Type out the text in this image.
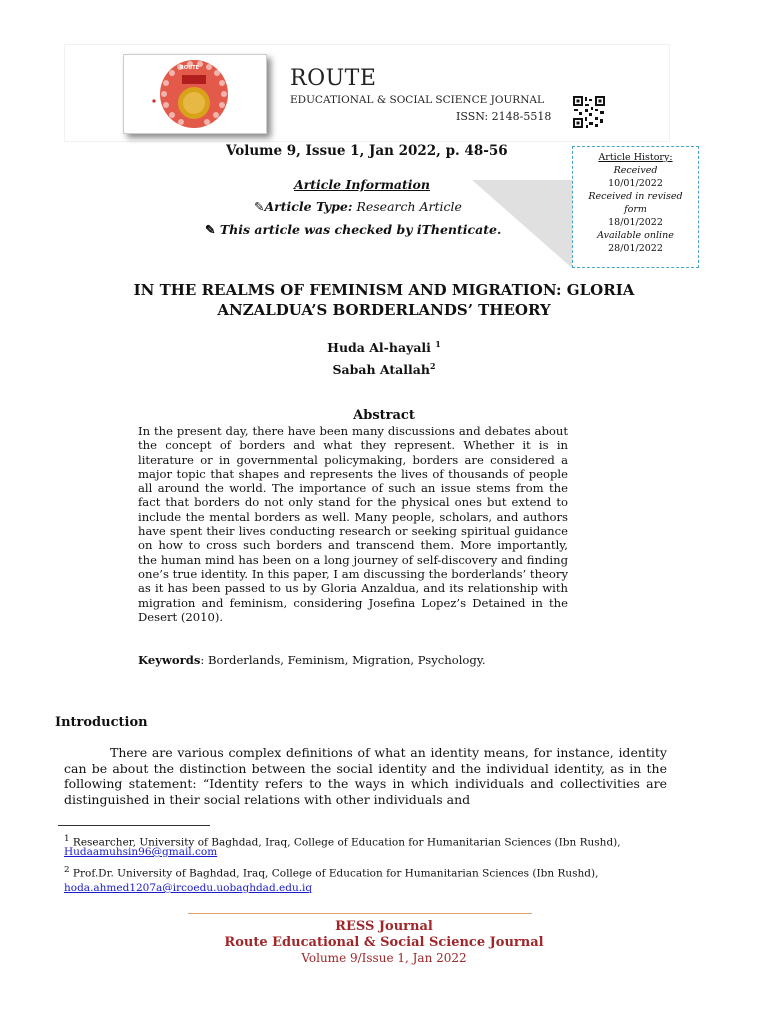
ROUTE	ROUTE
EDUCATIONAL & SOCIAL SCIENCE JOURNAL
ISSN: 2148-5518
Volume 9, Issue 1, Jan 2022, p. 48-56
Article Information
✎Article Type: Research Article
✎ This article was checked by iThenticate.
Article History:
Received
10/01/2022
Received in revised
form
18/01/2022
Available online
28/01/2022
IN THE REALMS OF FEMINISM AND MIGRATION: GLORIA
ANZALDUA’S BORDERLANDS’ THEORY
Huda Al-hayali $^1$
Sabah Atallah$^2$
Abstract
In the present day, there have been many discussions and debates about the concept of borders and what they represent. Whether it is in literature or in governmental policymaking, borders are considered a major topic that shapes and represents the lives of thousands of people all around the world. The importance of such an issue stems from the fact that borders do not only stand for the physical ones but extend to include the mental borders as well. Many people, scholars, and authors have spent their lives conducting research or seeking spiritual guidance on how to cross such borders and transcend them. More importantly, the human mind has been on a long journey of self-discovery and finding one’s true identity. In this paper, I am discussing the borderlands’ theory as it has been passed to us by Gloria Anzaldua, and its relationship with migration and feminism, considering Josefina Lopez’s Detained in the Desert (2010).
Keywords: Borderlands, Feminism, Migration, Psychology.
Introduction

There are various complex definitions of what an identity means, for instance, identity can be about the distinction between the social identity and the individual identity, as in the following statement: “Identity refers to the ways in which individuals and collectivities are distinguished in their social relations with other individuals and

$^1$ Researcher, University of Baghdad, Iraq, College of Education for Humanitarian Sciences (Ibn Rushd),
Hudaamuhsin96@gmail.com
$^2$ Prof.Dr. University of Baghdad, Iraq, College of Education for Humanitarian Sciences (Ibn Rushd),
hoda.ahmed1207a@ircoedu.uobaghdad.edu.iq
RESS Journal
Route Educational & Social Science Journal
Volume 9/Issue 1, Jan 2022
